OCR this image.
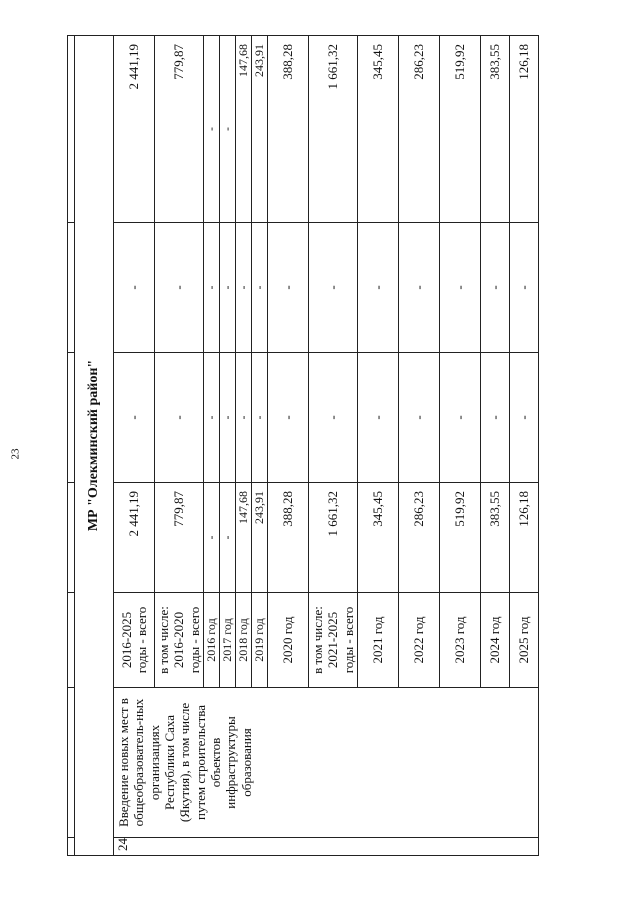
23
							МР "Олекминский район"						
24	Введение новых мест в общеобразователь-ных организациях Республики Саха (Якутия), в том числе путем строительства объектов инфраструктуры образования	2016-2025 годы - всего	2 441,19	-	-	2 441,19
		в том числе: 2016-2020 годы - всего	779,87	-	-	779,87
		2016 год	-	-	-	-
		2017 год	-	-	-	-
		2018 год	147,68	-	-	147,68
		2019 год	243,91	-	-	243,91
		2020 год	388,28	-	-	388,28
		в том числе: 2021-2025 годы - всего	1 661,32	-	-	1 661,32
		2021 год	345,45	-	-	345,45
		2022 год	286,23	-	-	286,23
		2023 год	519,92	-	-	519,92
		2024 год	383,55	-	-	383,55
		2025 год	126,18	-	-	126,18
